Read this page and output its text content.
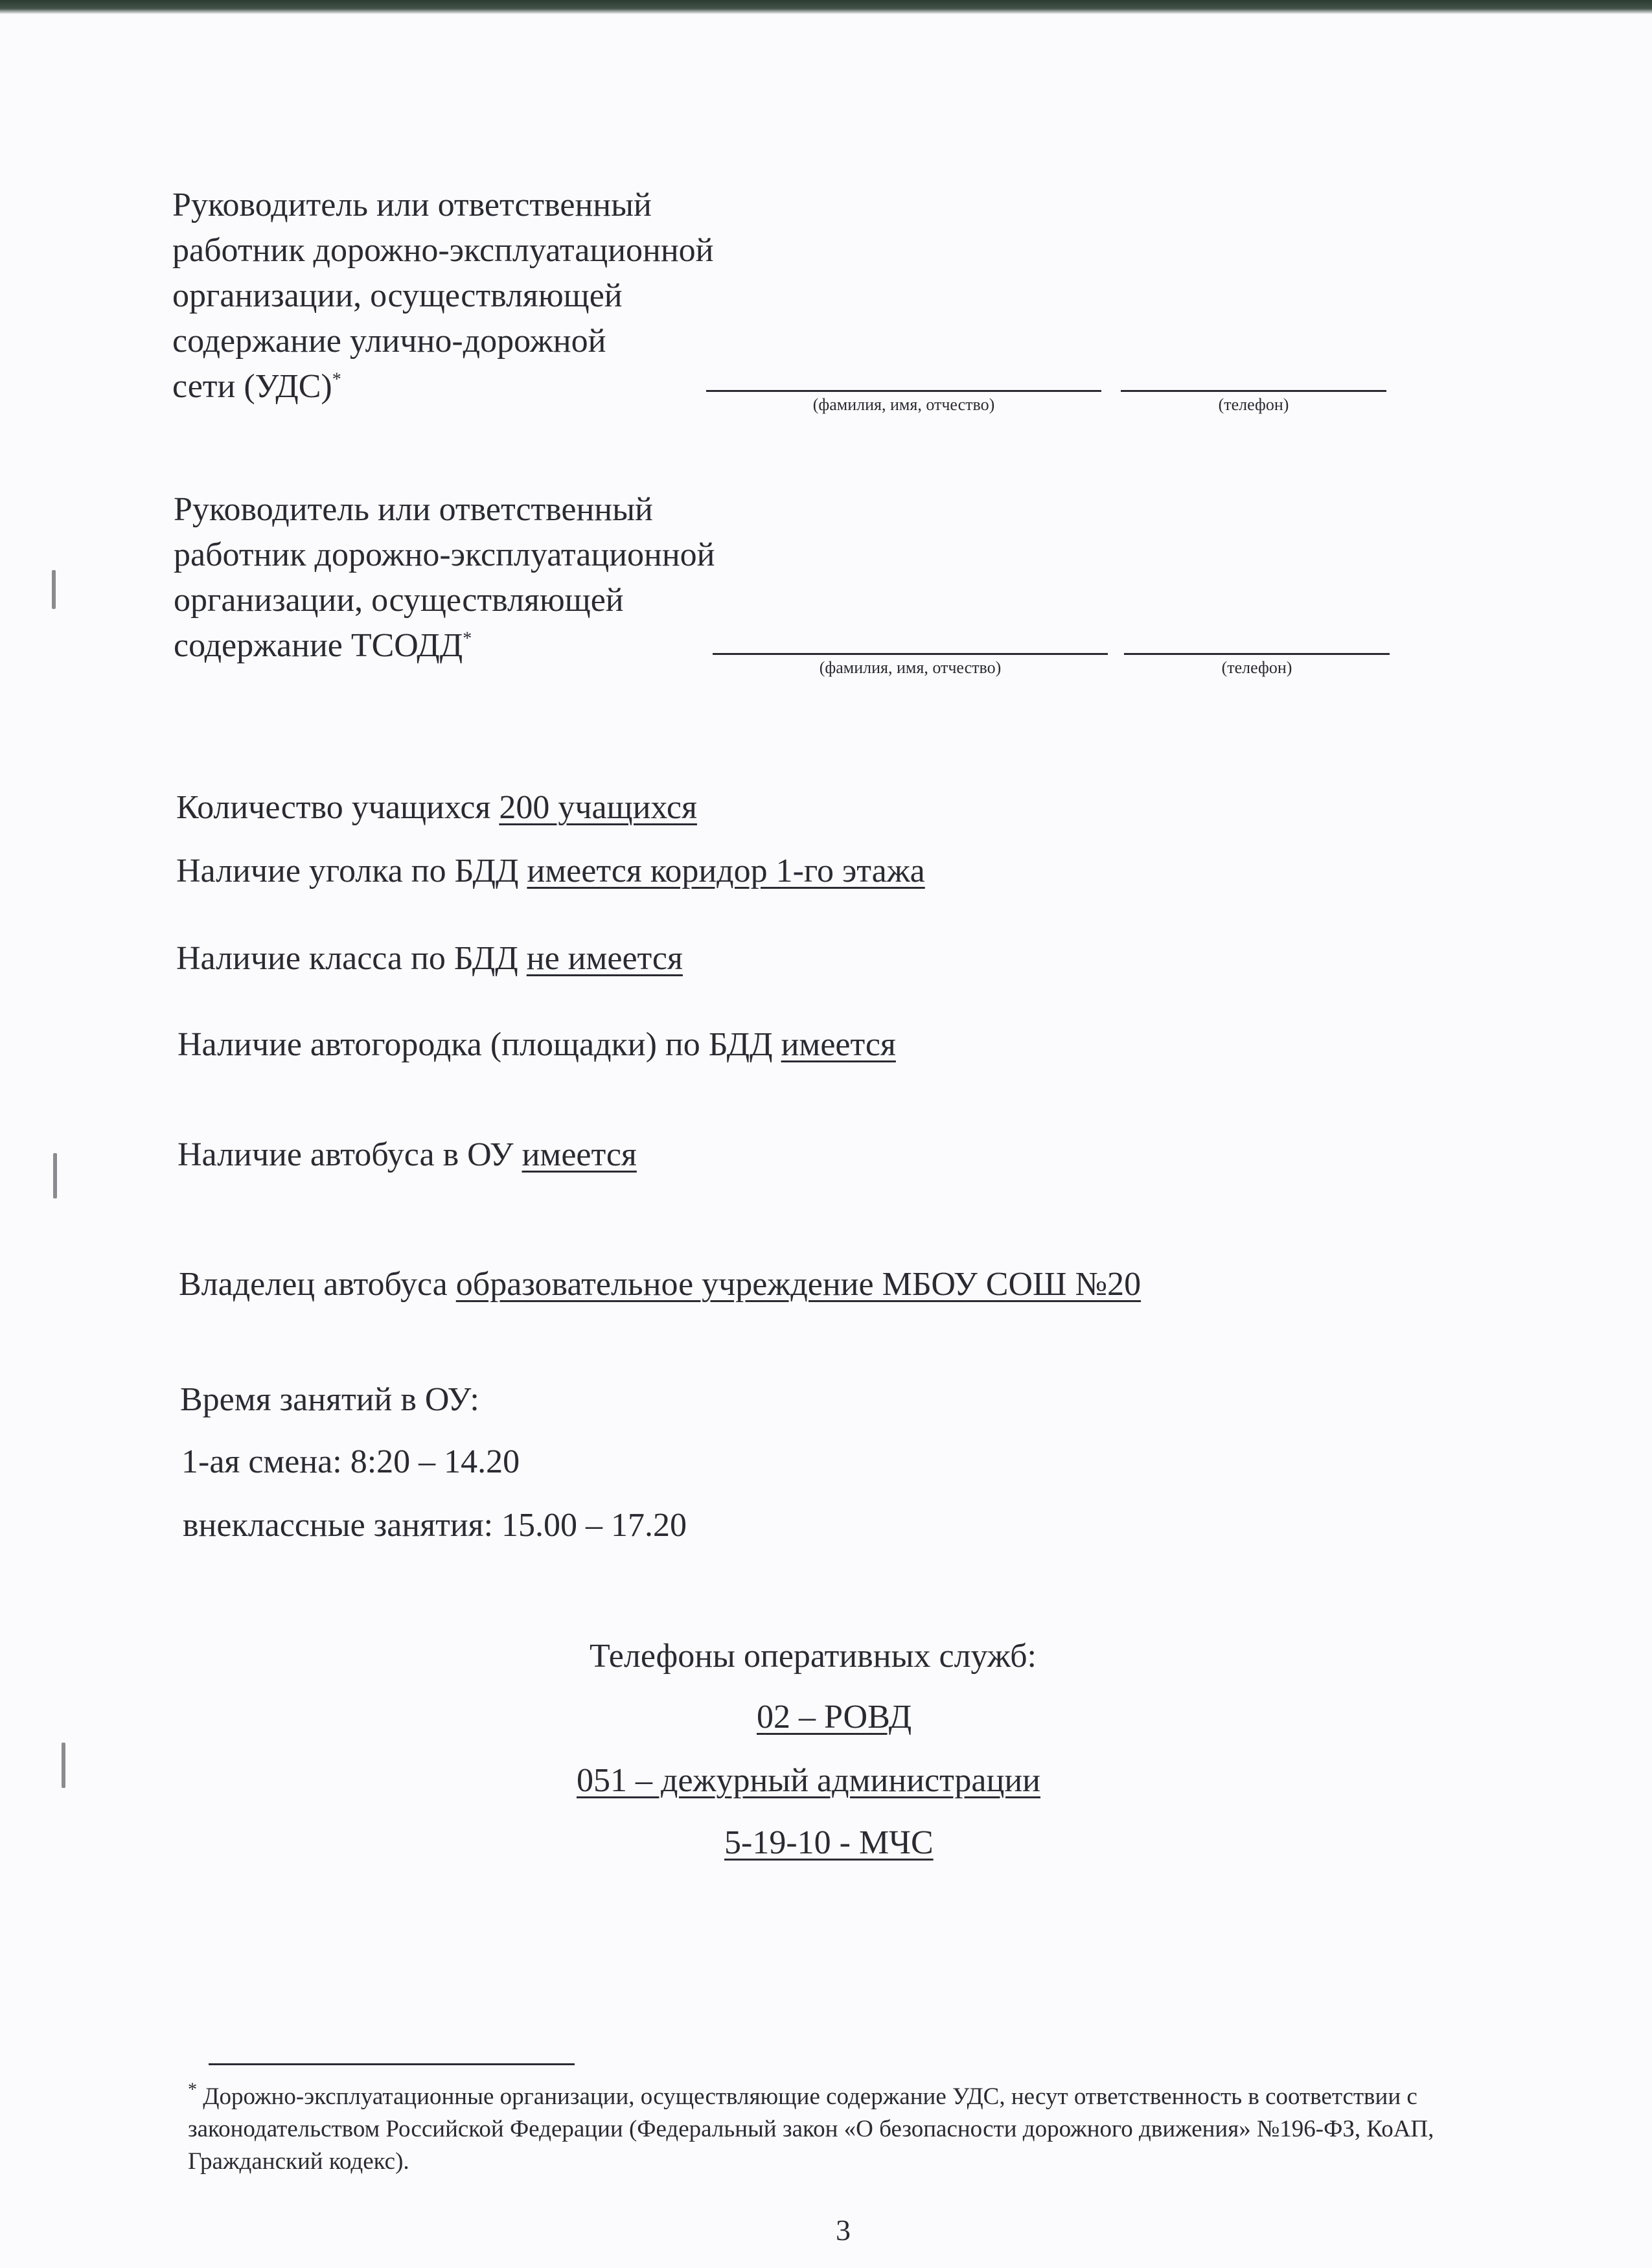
Руководитель или ответственный
работник дорожно-эксплуатационной
организации, осуществляющей
содержание улично-дорожной
сети (УДС)*
(фамилия, имя, отчество)	(телефон)
Руководитель или ответственный
работник дорожно-эксплуатационной
организации, осуществляющей
содержание ТСОДД*
(фамилия, имя, отчество)	(телефон)
Количество учащихся 200 учащихся
Наличие уголка по БДД имеется коридор 1-го этажа
Наличие класса по БДД не имеется
Наличие автогородка (площадки) по БДД имеется
Наличие автобуса в ОУ имеется
Владелец автобуса образовательное учреждение МБОУ СОШ №20
Время занятий в ОУ:
1-ая смена: 8:20 – 14.20
внеклассные занятия: 15.00 – 17.20
Телефоны оперативных служб:
02 – РОВД
051 – дежурный администрации
5-19-10 - МЧС
* Дорожно-эксплуатационные организации, осуществляющие содержание УДС, несут ответственность в соответствии с законодательством Российской Федерации (Федеральный закон «О безопасности дорожного движения» №196-ФЗ, КоАП, Гражданский кодекс).
3
